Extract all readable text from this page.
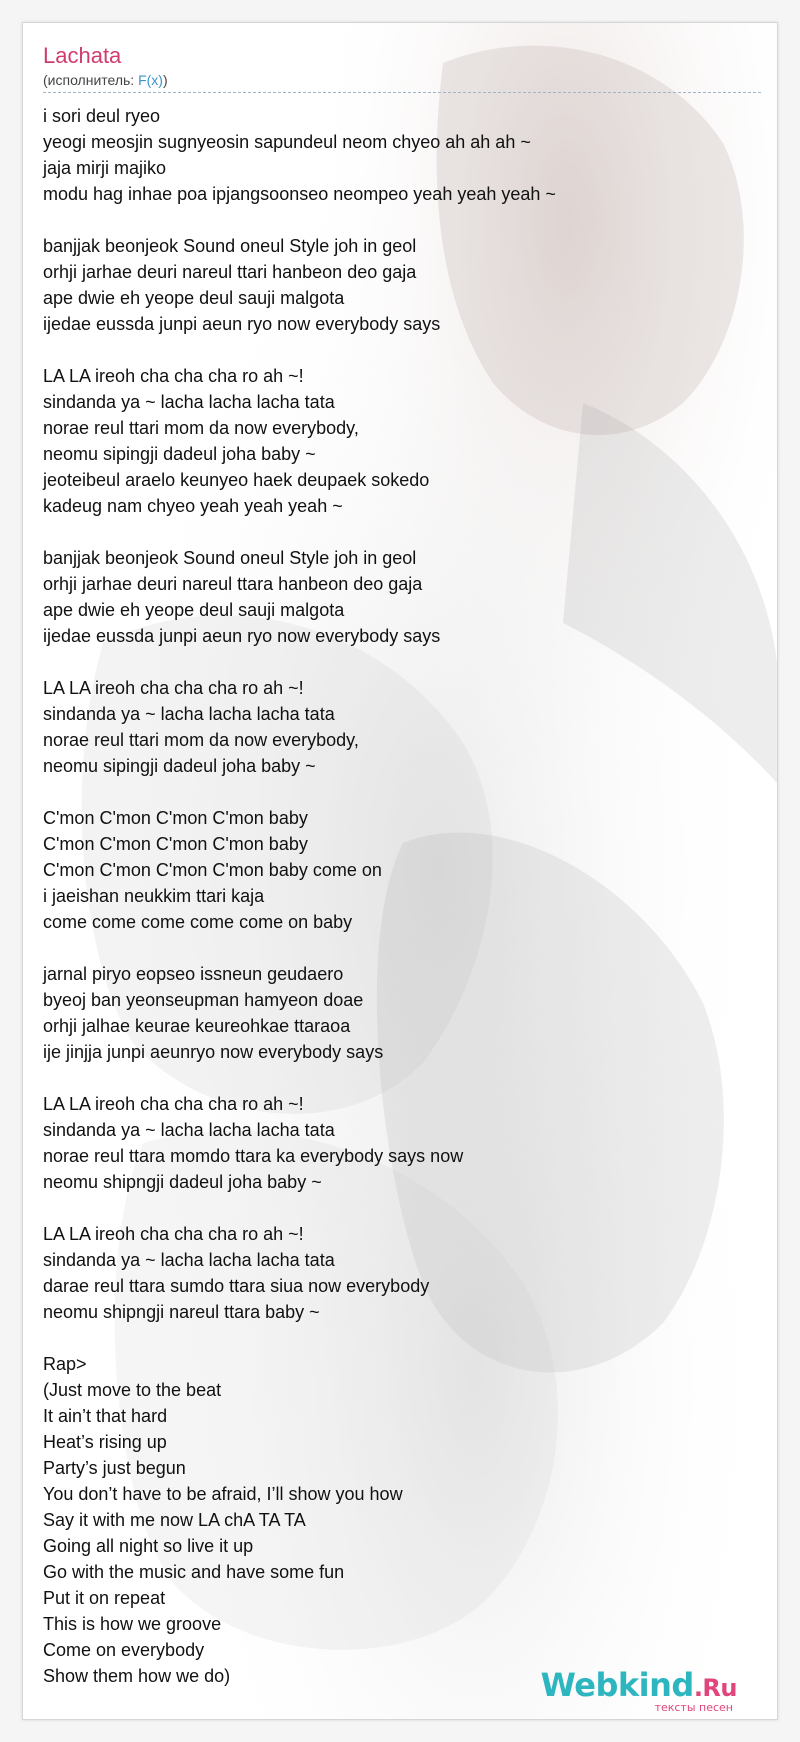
Lachata
(исполнитель: F(x))
i sori deul ryeo
yeogi meosjin sugnyeosin sapundeul neom chyeo ah ah ah ~
jaja mirji majiko
modu hag inhae poa ipjangsoonseo neompeo yeah yeah yeah ~
banjjak beonjeok Sound oneul Style joh in geol
orhji jarhae deuri nareul ttari hanbeon deo gaja
ape dwie eh yeope deul sauji malgota
ijedae eussda junpi aeun ryo now everybody says
LA LA ireoh cha cha cha ro ah ~!
sindanda ya ~ lacha lacha lacha tata
norae reul ttari mom da now everybody,
neomu sipingji dadeul joha baby ~
jeoteibeul araelo keunyeo haek deupaek sokedo
kadeug nam chyeo yeah yeah yeah ~
banjjak beonjeok Sound oneul Style joh in geol
orhji jarhae deuri nareul ttara hanbeon deo gaja
ape dwie eh yeope deul sauji malgota
ijedae eussda junpi aeun ryo now everybody says
LA LA ireoh cha cha cha ro ah ~!
sindanda ya ~ lacha lacha lacha tata
norae reul ttari mom da now everybody,
neomu sipingji dadeul joha baby ~
C'mon C'mon C'mon C'mon baby
C'mon C'mon C'mon C'mon baby
C'mon C'mon C'mon C'mon baby come on
i jaeishan neukkim ttari kaja
come come come come come on baby
jarnal piryo eopseo issneun geudaero
byeoj ban yeonseupman hamyeon doae
orhji jalhae keurae keureohkae ttaraoa
ije jinjja junpi aeunryo now everybody says
LA LA ireoh cha cha cha ro ah ~!
sindanda ya ~ lacha lacha lacha tata
norae reul ttara momdo ttara ka everybody says now
neomu shipngji dadeul joha baby ~
LA LA ireoh cha cha cha ro ah ~!
sindanda ya ~ lacha lacha lacha tata
darae reul ttara sumdo ttara siua now everybody
neomu shipngji nareul ttara baby ~
Rap>
(Just move to the beat
It ain’t that hard
Heat’s rising up
Party’s just begun
You don’t have to be afraid, I’ll show you how
Say it with me now LA chA TA TA
Going all night so live it up
Go with the music and have some fun
Put it on repeat
This is how we groove
Come on everybody
Show them how we do)	Webkind.Ru
тексты песен
